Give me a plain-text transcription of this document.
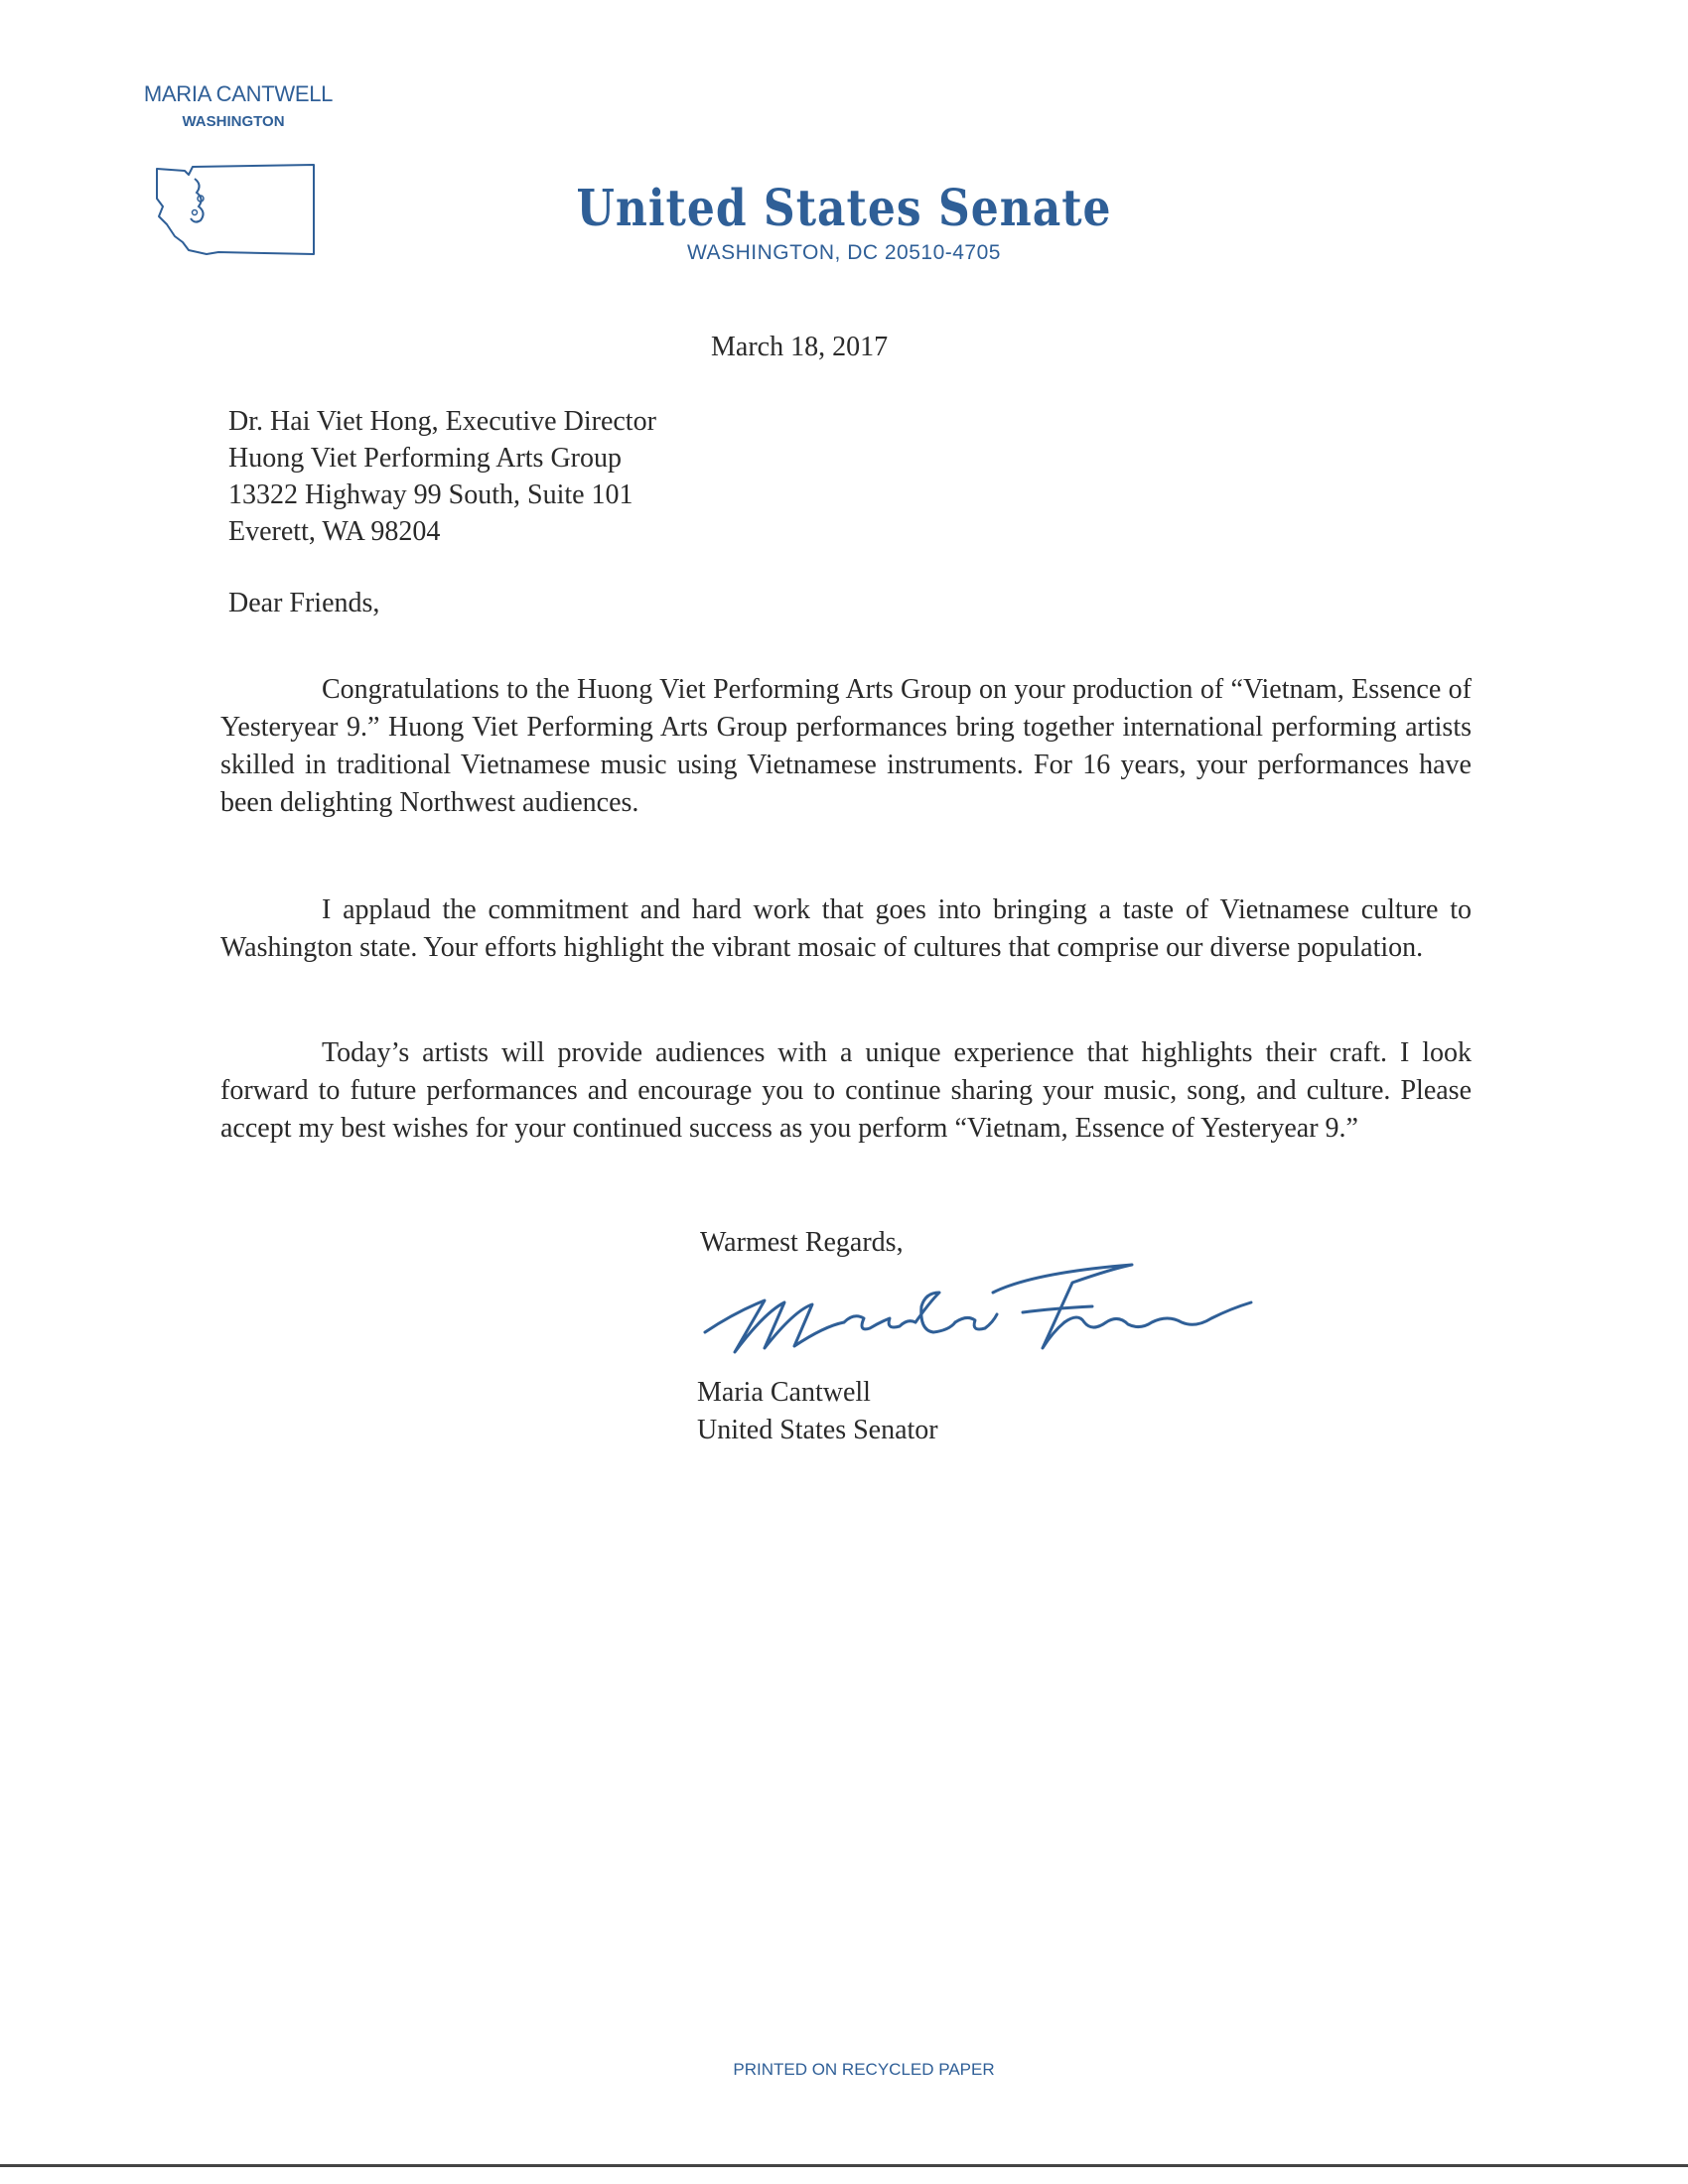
MARIA CANTWELL
WASHINGTON
United States Senate
WASHINGTON, DC 20510-4705
March 18, 2017
Dr. Hai Viet Hong, Executive Director
Huong Viet Performing Arts Group
13322 Highway 99 South, Suite 101
Everett, WA 98204
Dear Friends,

Congratulations to the Huong Viet Performing Arts Group on your production of “Vietnam, Essence of Yesteryear 9.” Huong Viet Performing Arts Group performances bring together international performing artists skilled in traditional Vietnamese music using Vietnamese instruments. For 16 years, your performances have been delighting Northwest audiences.

I applaud the commitment and hard work that goes into bringing a taste of Vietnamese culture to Washington state. Your efforts highlight the vibrant mosaic of cultures that comprise our diverse population.

Today’s artists will provide audiences with a unique experience that highlights their craft. I look forward to future performances and encourage you to continue sharing your music, song, and culture. Please accept my best wishes for your continued success as you perform “Vietnam, Essence of Yesteryear 9.”

Warmest Regards,
Maria Cantwell
United States Senator
PRINTED ON RECYCLED PAPER
